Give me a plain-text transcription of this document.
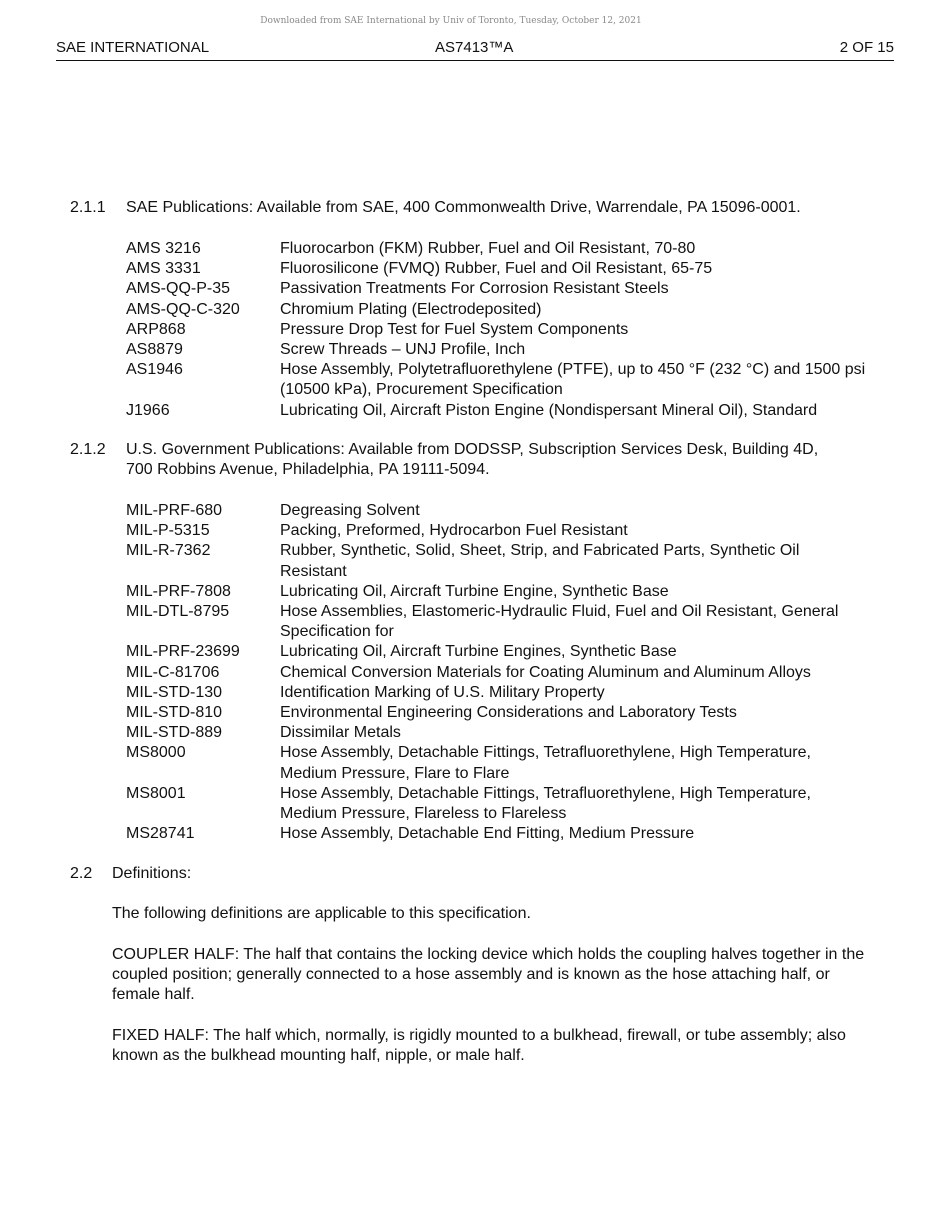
Downloaded from SAE International by Univ of Toronto, Tuesday, October 12, 2021
SAE INTERNATIONAL	AS7413™A	2 OF 15
2.1.1 SAE Publications: Available from SAE, 400 Commonwealth Drive, Warrendale, PA 15096-0001.
AMS 3216	Fluorocarbon (FKM) Rubber, Fuel and Oil Resistant, 70-80
AMS 3331	Fluorosilicone (FVMQ) Rubber, Fuel and Oil Resistant, 65-75
AMS-QQ-P-35	Passivation Treatments For Corrosion Resistant Steels
AMS-QQ-C-320	Chromium Plating (Electrodeposited)
ARP868	Pressure Drop Test for Fuel System Components
AS8879	Screw Threads – UNJ Profile, Inch
AS1946	Hose Assembly, Polytetrafluorethylene (PTFE), up to 450 °F (232 °C) and 1500 psi (10500 kPa), Procurement Specification
J1966	Lubricating Oil, Aircraft Piston Engine (Nondispersant Mineral Oil), Standard
2.1.2 U.S. Government Publications: Available from DODSSP, Subscription Services Desk, Building 4D,
700 Robbins Avenue, Philadelphia, PA 19111-5094.
MIL-PRF-680	Degreasing Solvent
MIL-P-5315	Packing, Preformed, Hydrocarbon Fuel Resistant
MIL-R-7362	Rubber, Synthetic, Solid, Sheet, Strip, and Fabricated Parts, Synthetic Oil Resistant
MIL-PRF-7808	Lubricating Oil, Aircraft Turbine Engine, Synthetic Base
MIL-DTL-8795	Hose Assemblies, Elastomeric-Hydraulic Fluid, Fuel and Oil Resistant, General Specification for
MIL-PRF-23699	Lubricating Oil, Aircraft Turbine Engines, Synthetic Base
MIL-C-81706	Chemical Conversion Materials for Coating Aluminum and Aluminum Alloys
MIL-STD-130	Identification Marking of U.S. Military Property
MIL-STD-810	Environmental Engineering Considerations and Laboratory Tests
MIL-STD-889	Dissimilar Metals
MS8000	Hose Assembly, Detachable Fittings, Tetrafluorethylene, High Temperature, Medium Pressure, Flare to Flare
MS8001	Hose Assembly, Detachable Fittings, Tetrafluorethylene, High Temperature, Medium Pressure, Flareless to Flareless
MS28741	Hose Assembly, Detachable End Fitting, Medium Pressure
2.2 Definitions:
The following definitions are applicable to this specification.
COUPLER HALF: The half that contains the locking device which holds the coupling halves together in the coupled position; generally connected to a hose assembly and is known as the hose attaching half, or female half.
FIXED HALF: The half which, normally, is rigidly mounted to a bulkhead, firewall, or tube assembly; also known as the bulkhead mounting half, nipple, or male half.
